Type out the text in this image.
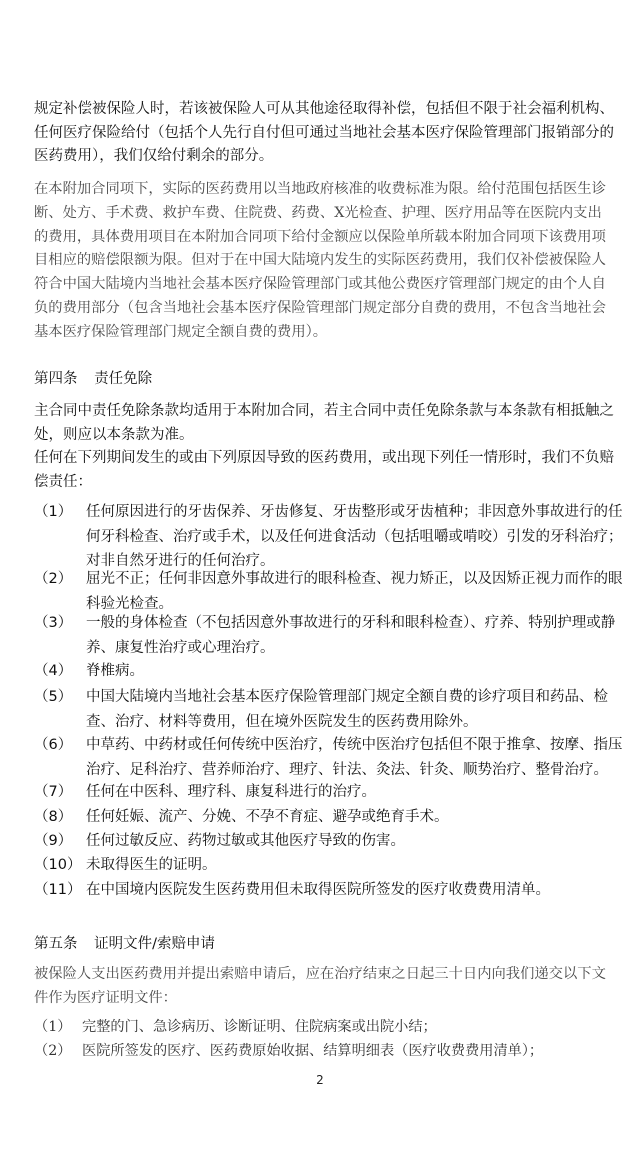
规定补偿被保险人时，若该被保险人可从其他途径取得补偿，包括但不限于社会福利机构、任何医疗保险给付（包括个人先行自付但可通过当地社会基本医疗保险管理部门报销部分的医药费用），我们仅给付剩余的部分。
在本附加合同项下，实际的医药费用以当地政府核准的收费标准为限。给付范围包括医生诊断、处方、手术费、救护车费、住院费、药费、X光检查、护理、医疗用品等在医院内支出的费用，具体费用项目在本附加合同项下给付金额应以保险单所载本附加合同项下该费用项目相应的赔偿限额为限。但对于在中国大陆境内发生的实际医药费用，我们仅补偿被保险人符合中国大陆境内当地社会基本医疗保险管理部门或其他公费医疗管理部门规定的由个人自负的费用部分（包含当地社会基本医疗保险管理部门规定部分自费的费用，不包含当地社会基本医疗保险管理部门规定全额自费的费用）。
第四条 责任免除
主合同中责任免除条款均适用于本附加合同，若主合同中责任免除条款与本条款有相抵触之处，则应以本条款为准。
任何在下列期间发生的或由下列原因导致的医药费用，或出现下列任一情形时，我们不负赔偿责任：
（1） 任何原因进行的牙齿保养、牙齿修复、牙齿整形或牙齿植种；非因意外事故进行的任何牙科检查、治疗或手术，以及任何进食活动（包括咀嚼或啃咬）引发的牙科治疗；对非自然牙进行的任何治疗。
（2） 屈光不正；任何非因意外事故进行的眼科检查、视力矫正，以及因矫正视力而作的眼科验光检查。
（3） 一般的身体检查（不包括因意外事故进行的牙科和眼科检查）、疗养、特别护理或静养、康复性治疗或心理治疗。
（4） 脊椎病。
（5） 中国大陆境内当地社会基本医疗保险管理部门规定全额自费的诊疗项目和药品、检查、治疗、材料等费用，但在境外医院发生的医药费用除外。
（6） 中草药、中药材或任何传统中医治疗，传统中医治疗包括但不限于推拿、按摩、指压治疗、足科治疗、营养师治疗、理疗、针法、灸法、针灸、顺势治疗、整骨治疗。
（7） 任何在中医科、理疗科、康复科进行的治疗。
（8） 任何妊娠、流产、分娩、不孕不育症、避孕或绝育手术。
（9） 任何过敏反应、药物过敏或其他医疗导致的伤害。
（10） 未取得医生的证明。
（11） 在中国境内医院发生医药费用但未取得医院所签发的医疗收费费用清单。
第五条 证明文件/索赔申请
被保险人支出医药费用并提出索赔申请后，应在治疗结束之日起三十日内向我们递交以下文件作为医疗证明文件：
（1） 完整的门、急诊病历、诊断证明、住院病案或出院小结；
（2） 医院所签发的医疗、医药费原始收据、结算明细表（医疗收费费用清单）；
2
